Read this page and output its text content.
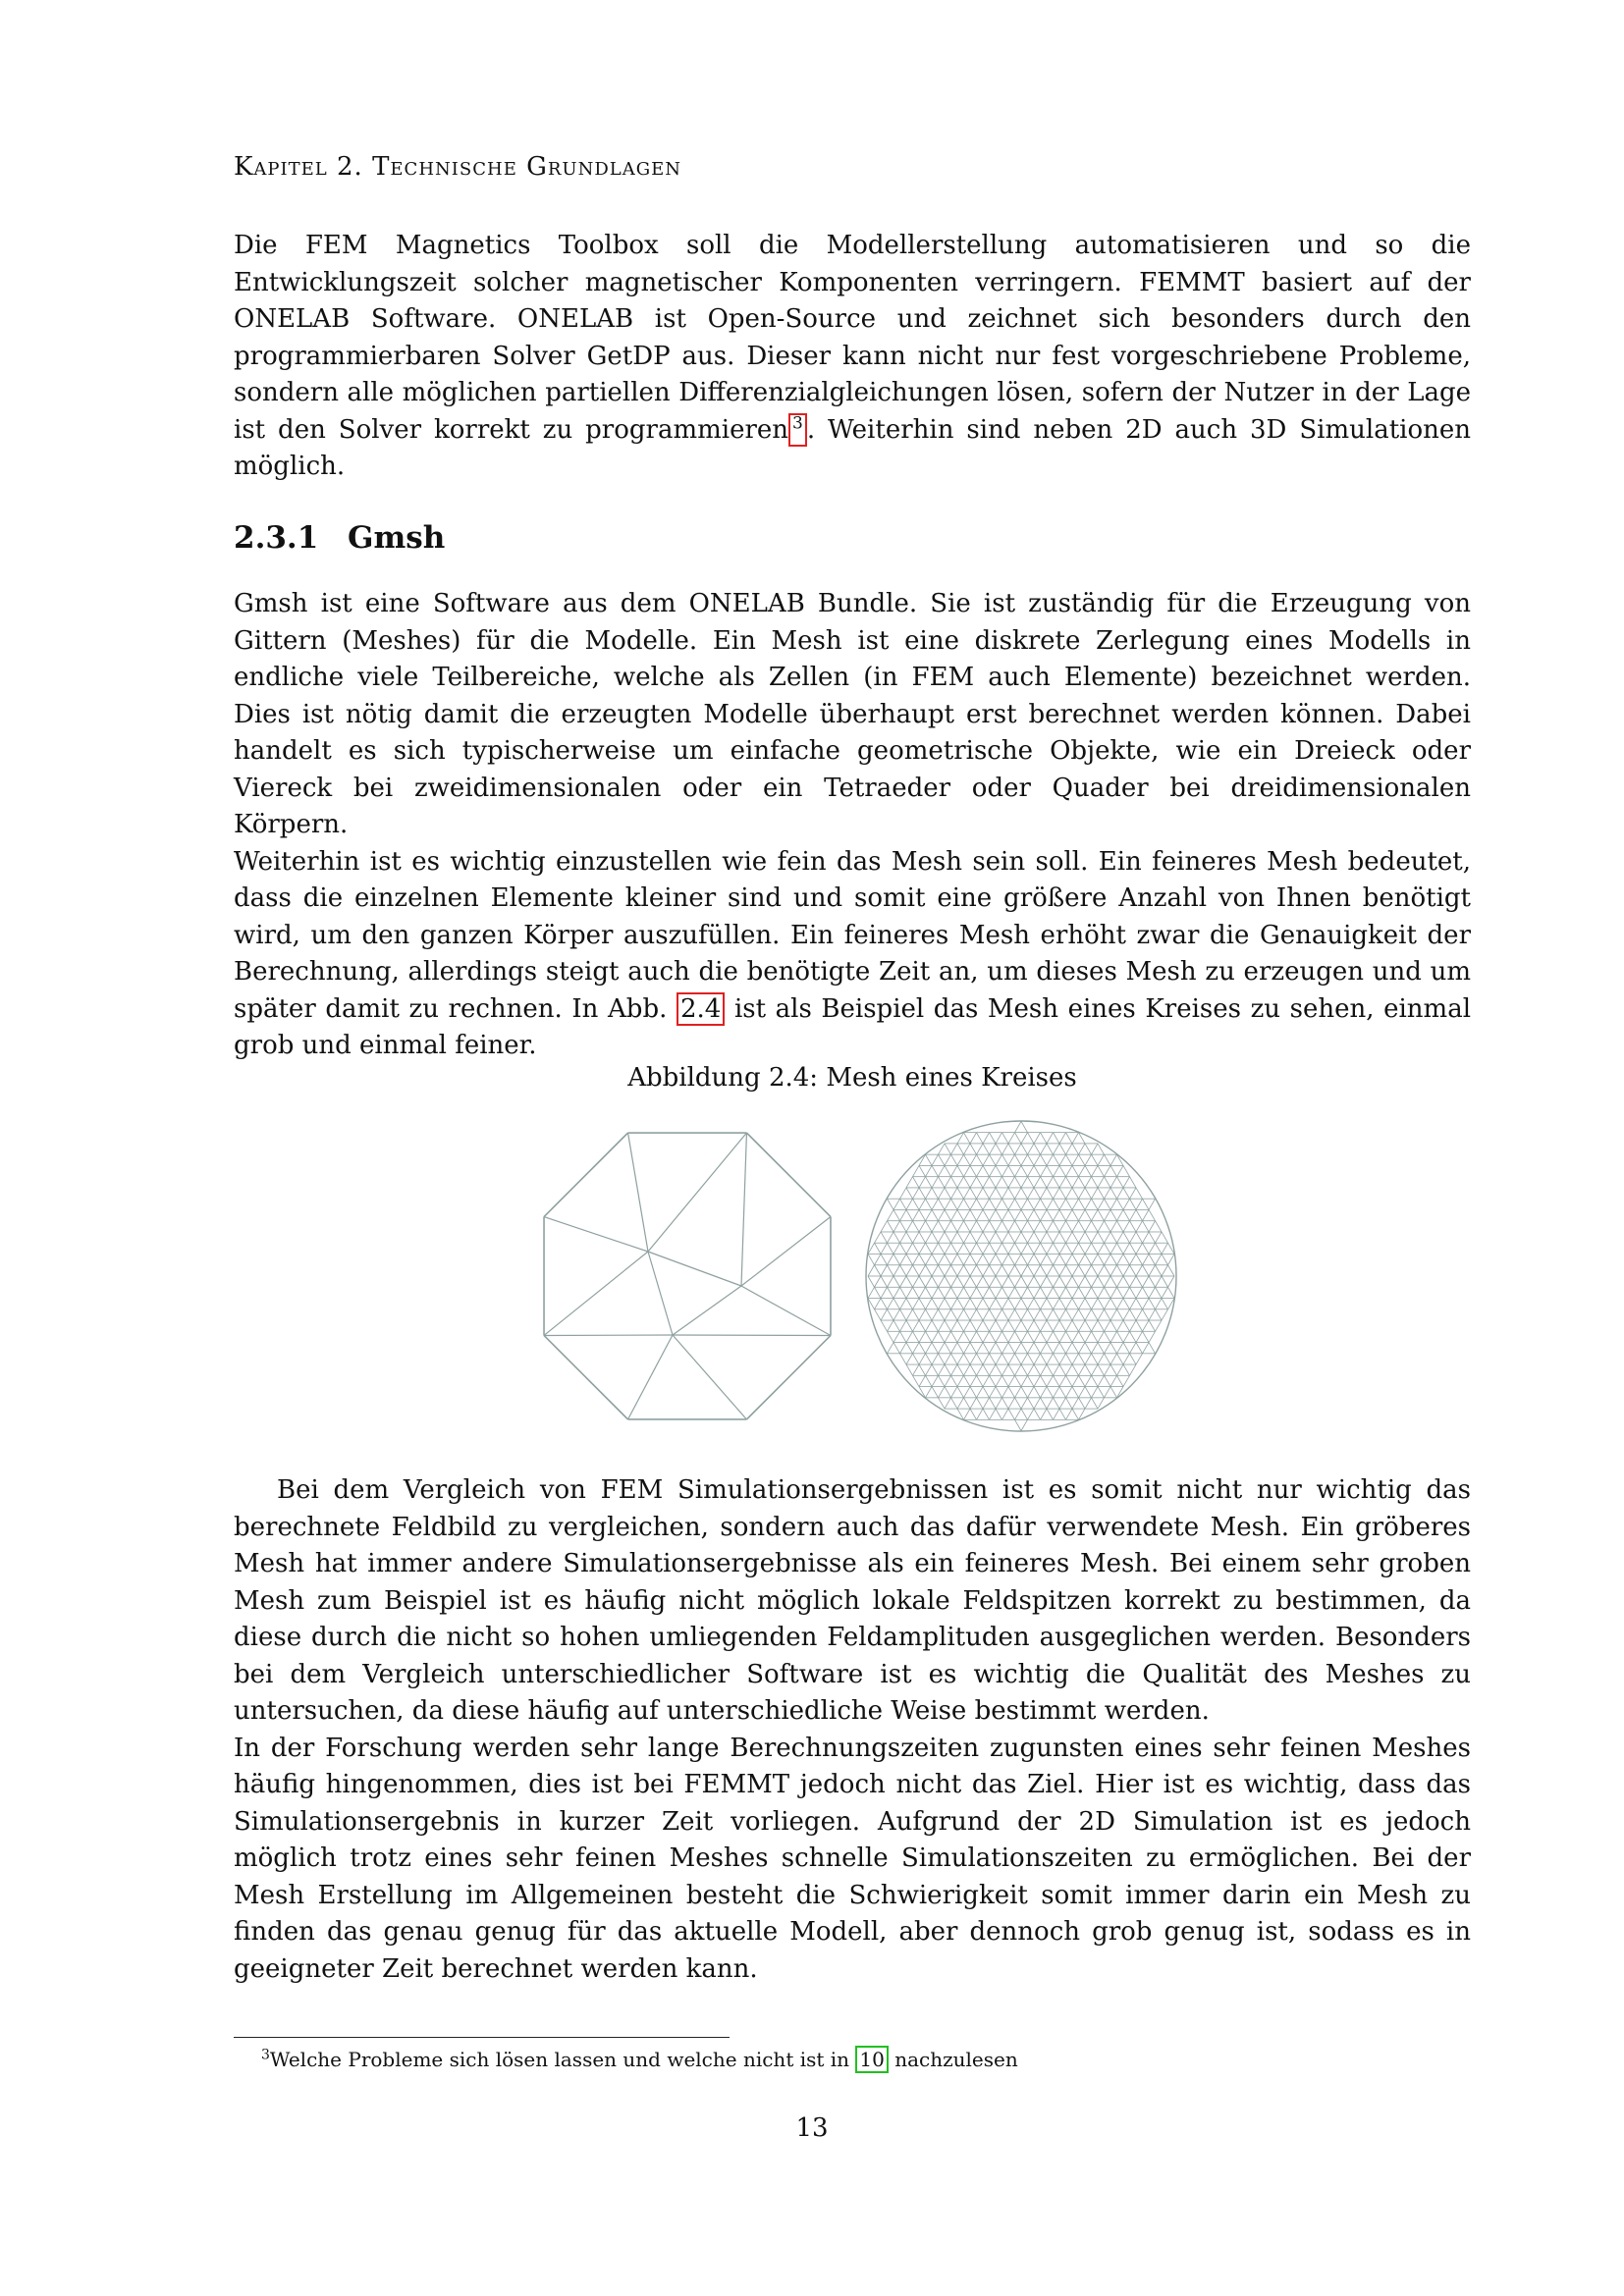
Kapitel 2. Technische Grundlagen

Die FEM Magnetics Toolbox soll die Modellerstellung automatisieren und so die Entwicklungszeit solcher magnetischer Komponenten verringern. FEMMT basiert auf der ONELAB Software. ONELAB ist Open-Source und zeichnet sich besonders durch den programmierbaren Solver GetDP aus. Dieser kann nicht nur fest vorgeschriebene Probleme, sondern alle möglichen partiellen Differenzialgleichungen lösen, sofern der Nutzer in der Lage ist den Solver korrekt zu programmieren $^3$ . Weiterhin sind neben 2D auch 3D Simulationen möglich.

2.3.1 Gmsh

Gmsh ist eine Software aus dem ONELAB Bundle. Sie ist zuständig für die Erzeugung von Gittern (Meshes) für die Modelle. Ein Mesh ist eine diskrete Zerlegung eines Modells in endliche viele Teilbereiche, welche als Zellen (in FEM auch Elemente) bezeichnet werden. Dies ist nötig damit die erzeugten Modelle überhaupt erst berechnet werden können. Dabei handelt es sich typischerweise um einfache geometrische Objekte, wie ein Dreieck oder Viereck bei zweidimensionalen oder ein Tetraeder oder Quader bei dreidimensionalen Körpern.

Weiterhin ist es wichtig einzustellen wie fein das Mesh sein soll. Ein feineres Mesh bedeutet, dass die einzelnen Elemente kleiner sind und somit eine größere Anzahl von Ihnen benötigt wird, um den ganzen Körper auszufüllen. Ein feineres Mesh erhöht zwar die Genauigkeit der Berechnung, allerdings steigt auch die benötigte Zeit an, um dieses Mesh zu erzeugen und um später damit zu rechnen. In Abb. 2.4 ist als Beispiel das Mesh eines Kreises zu sehen, einmal grob und einmal feiner.

Abbildung 2.4: Mesh eines Kreises

Bei dem Vergleich von FEM Simulationsergebnissen ist es somit nicht nur wichtig das berechnete Feldbild zu vergleichen, sondern auch das dafür verwendete Mesh. Ein gröberes Mesh hat immer andere Simulationsergebnisse als ein feineres Mesh. Bei einem sehr groben Mesh zum Beispiel ist es häufig nicht möglich lokale Feldspitzen korrekt zu bestimmen, da diese durch die nicht so hohen umliegenden Feldamplituden ausgeglichen werden. Besonders bei dem Vergleich unterschiedlicher Software ist es wichtig die Qualität des Meshes zu untersuchen, da diese häufig auf unterschiedliche Weise bestimmt werden.

In der Forschung werden sehr lange Berechnungszeiten zugunsten eines sehr feinen Meshes häufig hingenommen, dies ist bei FEMMT jedoch nicht das Ziel. Hier ist es wichtig, dass das Simulationsergebnis in kurzer Zeit vorliegen. Aufgrund der 2D Simulation ist es jedoch möglich trotz eines sehr feinen Meshes schnelle Simulationszeiten zu ermöglichen. Bei der Mesh Erstellung im Allgemeinen besteht die Schwierigkeit somit immer darin ein Mesh zu finden das genau genug für das aktuelle Modell, aber dennoch grob genug ist, sodass es in geeigneter Zeit berechnet werden kann.

$^3$Welche Probleme sich lösen lassen und welche nicht ist in 10 nachzulesen
13
